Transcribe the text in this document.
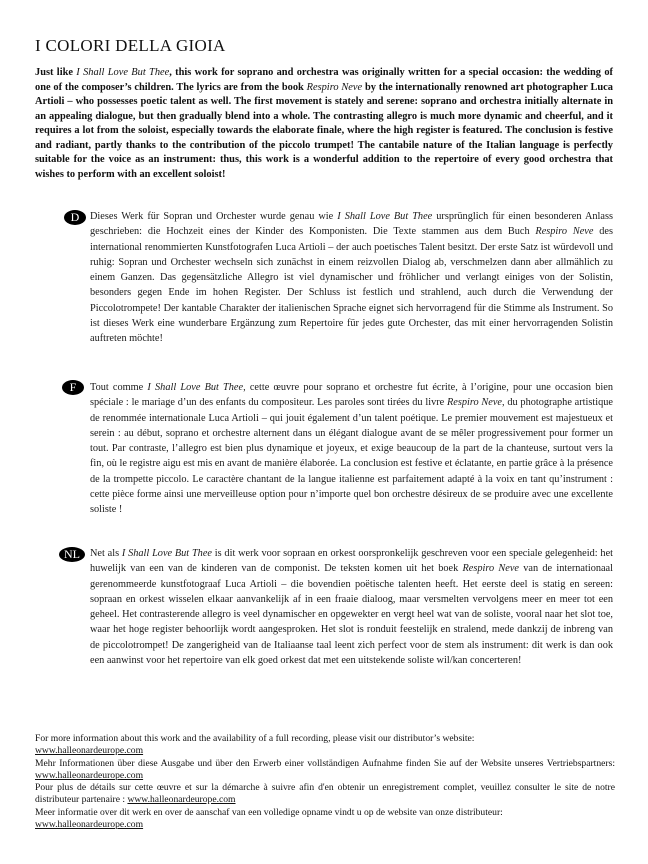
I COLORI DELLA GIOIA
Just like I Shall Love But Thee, this work for soprano and orchestra was originally written for a special occasion: the wedding of one of the composer’s children. The lyrics are from the book Respiro Neve by the internationally renowned art photographer Luca Artioli – who possesses poetic talent as well. The first movement is stately and serene: soprano and orchestra initially alternate in an appealing dialogue, but then gradually blend into a whole. The contrasting allegro is much more dynamic and cheerful, and it requires a lot from the soloist, especially towards the elaborate finale, where the high register is featured. The conclusion is festive and radiant, partly thanks to the contribution of the piccolo trumpet! The cantabile nature of the Italian language is perfectly suitable for the voice as an instrument: thus, this work is a wonderful addition to the repertoire of every good orchestra that wishes to perform with an excellent soloist!
D	Dieses Werk für Sopran und Orchester wurde genau wie I Shall Love But Thee ursprünglich für einen besonderen Anlass geschrieben: die Hochzeit eines der Kinder des Komponisten. Die Texte stammen aus dem Buch Respiro Neve des international renommierten Kunstfotografen Luca Artioli – der auch poetisches Talent besitzt. Der erste Satz ist würdevoll und ruhig: Sopran und Orchester wechseln sich zunächst in einem reizvollen Dialog ab, verschmelzen dann aber allmählich zu einem Ganzen. Das gegensätzliche Allegro ist viel dynamischer und fröhlicher und verlangt einiges von der Solistin, besonders gegen Ende im hohen Register. Der Schluss ist festlich und strahlend, auch durch die Verwendung der Piccolotrompete! Der kantable Charakter der italienischen Sprache eignet sich hervorragend für die Stimme als Instrument. So ist dieses Werk eine wunderbare Ergänzung zum Repertoire für jedes gute Orchester, das mit einer hervorragenden Solistin auftreten möchte!
F	Tout comme I Shall Love But Thee, cette œuvre pour soprano et orchestre fut écrite, à l’origine, pour une occasion bien spéciale : le mariage d’un des enfants du compositeur. Les paroles sont tirées du livre Respiro Neve, du photographe artistique de renommée internationale Luca Artioli – qui jouit également d’un talent poétique. Le premier mouvement est majestueux et serein : au début, soprano et orchestre alternent dans un élégant dialogue avant de se mêler progressivement pour former un tout. Par contraste, l’allegro est bien plus dynamique et joyeux, et exige beaucoup de la part de la chanteuse, surtout vers la fin, où le registre aigu est mis en avant de manière élaborée. La conclusion est festive et éclatante, en partie grâce à la présence de la trompette piccolo. Le caractère chantant de la langue italienne est parfaitement adapté à la voix en tant qu’instrument : cette pièce forme ainsi une merveilleuse option pour n’importe quel bon orchestre désireux de se produire avec une excellente soliste !
NL Net als I Shall Love But Thee is dit werk voor sopraan en orkest oorspronkelijk geschreven voor een speciale gelegenheid: het huwelijk van een van de kinderen van de componist. De teksten komen uit het boek Respiro Neve van de internationaal gerenommeerde kunstfotograaf Luca Artioli – die bovendien poëtische talenten heeft. Het eerste deel is statig en sereen: sopraan en orkest wisselen elkaar aanvankelijk af in een fraaie dialoog, maar versmelten vervolgens meer en meer tot een geheel. Het contrasterende allegro is veel dynamischer en opgewekter en vergt heel wat van de soliste, vooral naar het slot toe, waar het hoge register behoorlijk wordt aangesproken. Het slot is ronduit feestelijk en stralend, mede dankzij de inbreng van de piccolotrompet! De zangerigheid van de Italiaanse taal leent zich perfect voor de stem als instrument: dit werk is dan ook een aanwinst voor het repertoire van elk goed orkest dat met een uitstekende soliste wil/kan concerteren!

For more information about this work and the availability of a full recording, please visit our distributor’s website:
www.halleonardeurope.com

Mehr Informationen über diese Ausgabe und über den Erwerb einer vollständigen Aufnahme finden Sie auf der Website unseres Vertriebspartners: www.halleonardeurope.com

Pour plus de détails sur cette œuvre et sur la démarche à suivre afin d'en obtenir un enregistrement complet, veuillez consulter le site de notre distributeur partenaire : www.halleonardeurope.com

Meer informatie over dit werk en over de aanschaf van een volledige opname vindt u op de website van onze distributeur:
www.halleonardeurope.com
